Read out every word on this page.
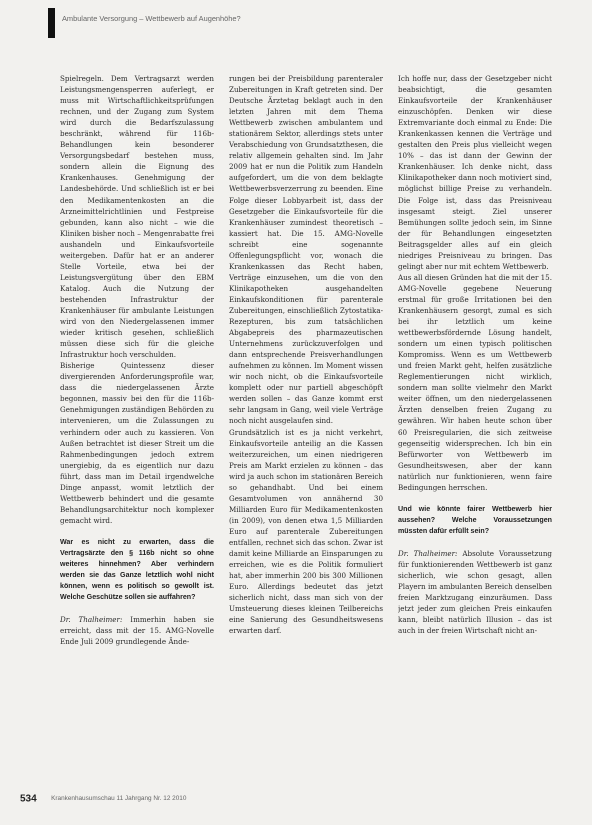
Ambulante Versorgung – Wettbewerb auf Augenhöhe?

Spielregeln. Dem Vertragsarzt werden Leistungsmengensperren auferlegt, er muss mit Wirtschaftlichkeitsprüfungen rechnen, und der Zugang zum System wird durch die Bedarfszulassung beschränkt, während für 116b-Behandlungen kein besonderer Versorgungsbedarf bestehen muss, sondern allein die Eignung des Krankenhauses. Genehmigung der Landesbehörde. Und schließlich ist er bei den Medikamentenkosten an die Arzneimittelrichtlinien und Festpreise gebunden, kann also nicht – wie die Kliniken bisher noch – Mengenrabatte frei aushandeln und Einkaufsvorteile weitergeben. Dafür hat er an anderer Stelle Vorteile, etwa bei der Leistungsvergütung über den EBM Katalog. Auch die Nutzung der bestehenden Infrastruktur der Krankenhäuser für ambulante Leistungen wird von den Niedergelassenen immer wieder kritisch gesehen, schließlich müssen diese sich für die gleiche Infrastruktur hoch verschulden.

Bisherige Quintessenz dieser divergierenden Anforderungsprofile war, dass die niedergelassenen Ärzte begonnen, massiv bei den für die 116b-Genehmigungen zuständigen Behörden zu intervenieren, um die Zulassungen zu verhindern oder auch zu kassieren. Von Außen betrachtet ist dieser Streit um die Rahmenbedingungen jedoch extrem unergiebig, da es eigentlich nur dazu führt, dass man im Detail irgendwelche Dinge anpasst, womit letztlich der Wettbewerb behindert und die gesamte Behandlungsarchitektur noch komplexer gemacht wird.

War es nicht zu erwarten, dass die Vertragsärzte den § 116b nicht so ohne weiteres hinnehmen? Aber verhindern werden sie das Ganze letztlich wohl nicht können, wenn es politisch so gewollt ist. Welche Geschütze sollen sie auffahren?

Dr. Thalheimer: Immerhin haben sie erreicht, dass mit der 15. AMG-Novelle Ende Juli 2009 grundlegende Ände-

rungen bei der Preisbildung parenteraler Zubereitungen in Kraft getreten sind. Der Deutsche Ärztetag beklagt auch in den letzten Jahren mit dem Thema Wettbewerb zwischen ambulantem und stationärem Sektor, allerdings stets unter Verabschiedung von Grundsatzthesen, die relativ allgemein gehalten sind. Im Jahr 2009 hat er nun die Politik zum Handeln aufgefordert, um die von dem beklagte Wettbewerbsverzerrung zu beenden. Eine Folge dieser Lobbyarbeit ist, dass der Gesetzgeber die Einkaufsvorteile für die Krankenhäuser zumindest theoretisch – kassiert hat. Die 15. AMG-Novelle schreibt eine sogenannte Offenlegungspflicht vor, wonach die Krankenkassen das Recht haben, Verträge einzusehen, um die von den Klinikapotheken ausgehandelten Einkaufskonditionen für parenterale Zubereitungen, einschließlich Zytostatika-Rezepturen, bis zum tatsächlichen Abgabepreis des pharmazeutischen Unternehmens zurückzuverfolgen und dann entsprechende Preisverhandlungen aufnehmen zu können. Im Moment wissen wir noch nicht, ob die Einkaufsvorteile komplett oder nur partiell abgeschöpft werden sollen – das Ganze kommt erst sehr langsam in Gang, weil viele Verträge noch nicht ausgelaufen sind.

Grundsätzlich ist es ja nicht verkehrt, Einkaufsvorteile anteilig an die Kassen weiterzureichen, um einen niedrigeren Preis am Markt erzielen zu können – das wird ja auch schon im stationären Bereich so gehandhabt. Und bei einem Gesamtvolumen von annähernd 30 Milliarden Euro für Medikamentenkosten (in 2009), von denen etwa 1,5 Milliarden Euro auf parenterale Zubereitungen entfallen, rechnet sich das schon. Zwar ist damit keine Milliarde an Einsparungen zu erreichen, wie es die Politik formuliert hat, aber immerhin 200 bis 300 Millionen Euro. Allerdings bedeutet das jetzt sicherlich nicht, dass man sich von der Umsteuerung dieses kleinen Teilbereichs eine Sanierung des Gesundheitswesens erwarten darf.

Ich hoffe nur, dass der Gesetzgeber nicht beabsichtigt, die gesamten Einkaufsvorteile der Krankenhäuser einzuschöpfen. Denken wir diese Extremvariante doch einmal zu Ende: Die Krankenkassen kennen die Verträge und gestalten den Preis plus vielleicht wegen 10% – das ist dann der Gewinn der Krankenhäuser. Ich denke nicht, dass Klinikapotheker dann noch motiviert sind, möglichst billige Preise zu verhandeln. Die Folge ist, dass das Preisniveau insgesamt steigt. Ziel unserer Bemühungen sollte jedoch sein, im Sinne der für Behandlungen eingesetzten Beitragsgelder alles auf ein gleich niedriges Preisniveau zu bringen. Das gelingt aber nur mit echtem Wettbewerb.

Aus all diesen Gründen hat die mit der 15. AMG-Novelle gegebene Neuerung erstmal für große Irritationen bei den Krankenhäusern gesorgt, zumal es sich bei ihr letztlich um keine wettbewerbsfördernde Lösung handelt, sondern um einen typisch politischen Kompromiss. Wenn es um Wettbewerb und freien Markt geht, helfen zusätzliche Reglementierungen nicht wirklich, sondern man sollte vielmehr den Markt weiter öffnen, um den niedergelassenen Ärzten denselben freien Zugang zu gewähren. Wir haben heute schon über 60 Preisregularien, die sich zeitweise gegenseitig widersprechen. Ich bin ein Befürworter von Wettbewerb im Gesundheitswesen, aber der kann natürlich nur funktionieren, wenn faire Bedingungen herrschen.

Und wie könnte fairer Wettbewerb hier aussehen? Welche Voraussetzungen müssten dafür erfüllt sein?

Dr. Thalheimer: Absolute Voraussetzung für funktionierenden Wettbewerb ist ganz sicherlich, wie schon gesagt, allen Playern im ambulanten Bereich denselben freien Marktzugang einzuräumen. Dass jetzt jeder zum gleichen Preis einkaufen kann, bleibt natürlich Illusion – das ist auch in der freien Wirtschaft nicht an-

534 Krankenhausumschau 11 Jahrgang Nr. 12 2010
